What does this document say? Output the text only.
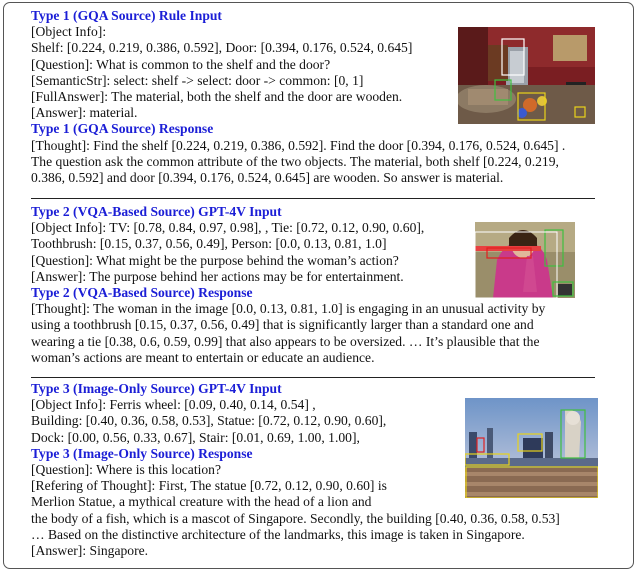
Type 1 (GQA Source) Rule Input
[Object Info]:
Shelf: [0.224, 0.219, 0.386, 0.592], Door: [0.394, 0.176, 0.524, 0.645]
[Question]: What is common to the shelf and the door?
[SemanticStr]: select: shelf -> select: door -> common: [0, 1]
[FullAnswer]: The material, both the shelf and the door are wooden.
[Answer]: material.
Type 1 (GQA Source) Response
[Thought]: Find the shelf [0.224, 0.219, 0.386, 0.592]. Find the door [0.394, 0.176, 0.524, 0.645] .
The question ask the common attribute of the two objects. The material, both shelf [0.224, 0.219,
0.386, 0.592] and door [0.394, 0.176, 0.524, 0.645] are wooden. So answer is material.
Type 2 (VQA-Based Source) GPT-4V Input
[Object Info]: TV: [0.78, 0.84, 0.97, 0.98], , Tie: [0.72, 0.12, 0.90, 0.60],
Toothbrush: [0.15, 0.37, 0.56, 0.49], Person: [0.0, 0.13, 0.81, 1.0]
[Question]: What might be the purpose behind the woman’s action?
[Answer]: The purpose behind her actions may be for entertainment.
Type 2 (VQA-Based Source) Response
[Thought]: The woman in the image [0.0, 0.13, 0.81, 1.0] is engaging in an unusual activity by
using a toothbrush [0.15, 0.37, 0.56, 0.49] that is significantly larger than a standard one and
wearing a tie [0.38, 0.6, 0.59, 0.99] that also appears to be oversized. … It’s plausible that the
woman’s actions are meant to entertain or educate an audience.
Type 3 (Image-Only Source) GPT-4V Input
[Object Info]: Ferris wheel: [0.09, 0.40, 0.14, 0.54] ,
Building: [0.40, 0.36, 0.58, 0.53], Statue: [0.72, 0.12, 0.90, 0.60],
Dock: [0.00, 0.56, 0.33, 0.67], Stair: [0.01, 0.69, 1.00, 1.00],
Type 3 (Image-Only Source) Response
[Question]: Where is this location?
[Refering of Thought]: First, The statue [0.72, 0.12, 0.90, 0.60] is
Merlion Statue, a mythical creature with the head of a lion and
the body of a fish, which is a mascot of Singapore. Secondly, the building [0.40, 0.36, 0.58, 0.53]
… Based on the distinctive architecture of the landmarks, this image is taken in Singapore.
[Answer]: Singapore.
